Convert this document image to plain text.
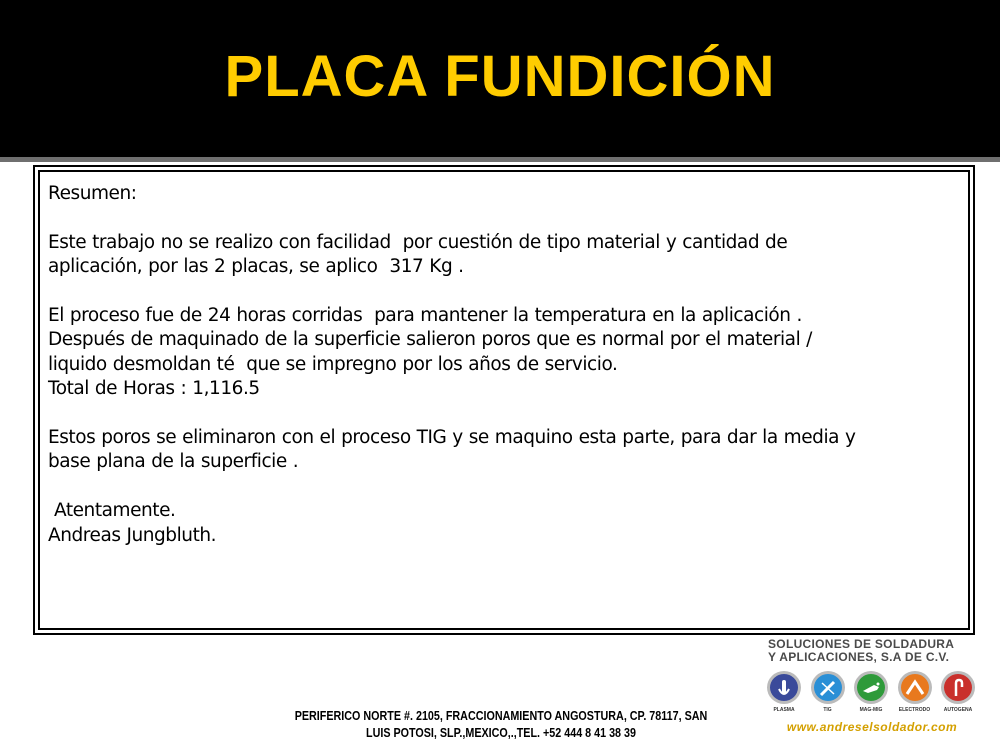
PLACA FUNDICIÓN

Resumen:

Este trabajo no se realizo con facilidad  por cuestión de tipo material y cantidad de

aplicación, por las 2 placas, se aplico  317 Kg .

El proceso fue de 24 horas corridas  para mantener la temperatura en la aplicación .

Después de maquinado de la superficie salieron poros que es normal por el material /

liquido desmoldan té  que se impregno por los años de servicio.

Total de Horas : 1,116.5

Estos poros se eliminaron con el proceso TIG y se maquino esta parte, para dar la media y

base plana de la superficie .

Atentamente.

Andreas Jungbluth.

PERIFERICO NORTE #. 2105, FRACCIONAMIENTO ANGOSTURA, CP. 78117, SAN
LUIS POTOSI, SLP.,MEXICO,.,TEL. +52 444 8 41 38 39
SOLUCIONES DE SOLDADURA
Y APLICACIONES, S.A DE C.V.
PLASMA	TIG	MAG-MIG	ELECTRODO	AUTOGENA
www.andreselsoldador.com
